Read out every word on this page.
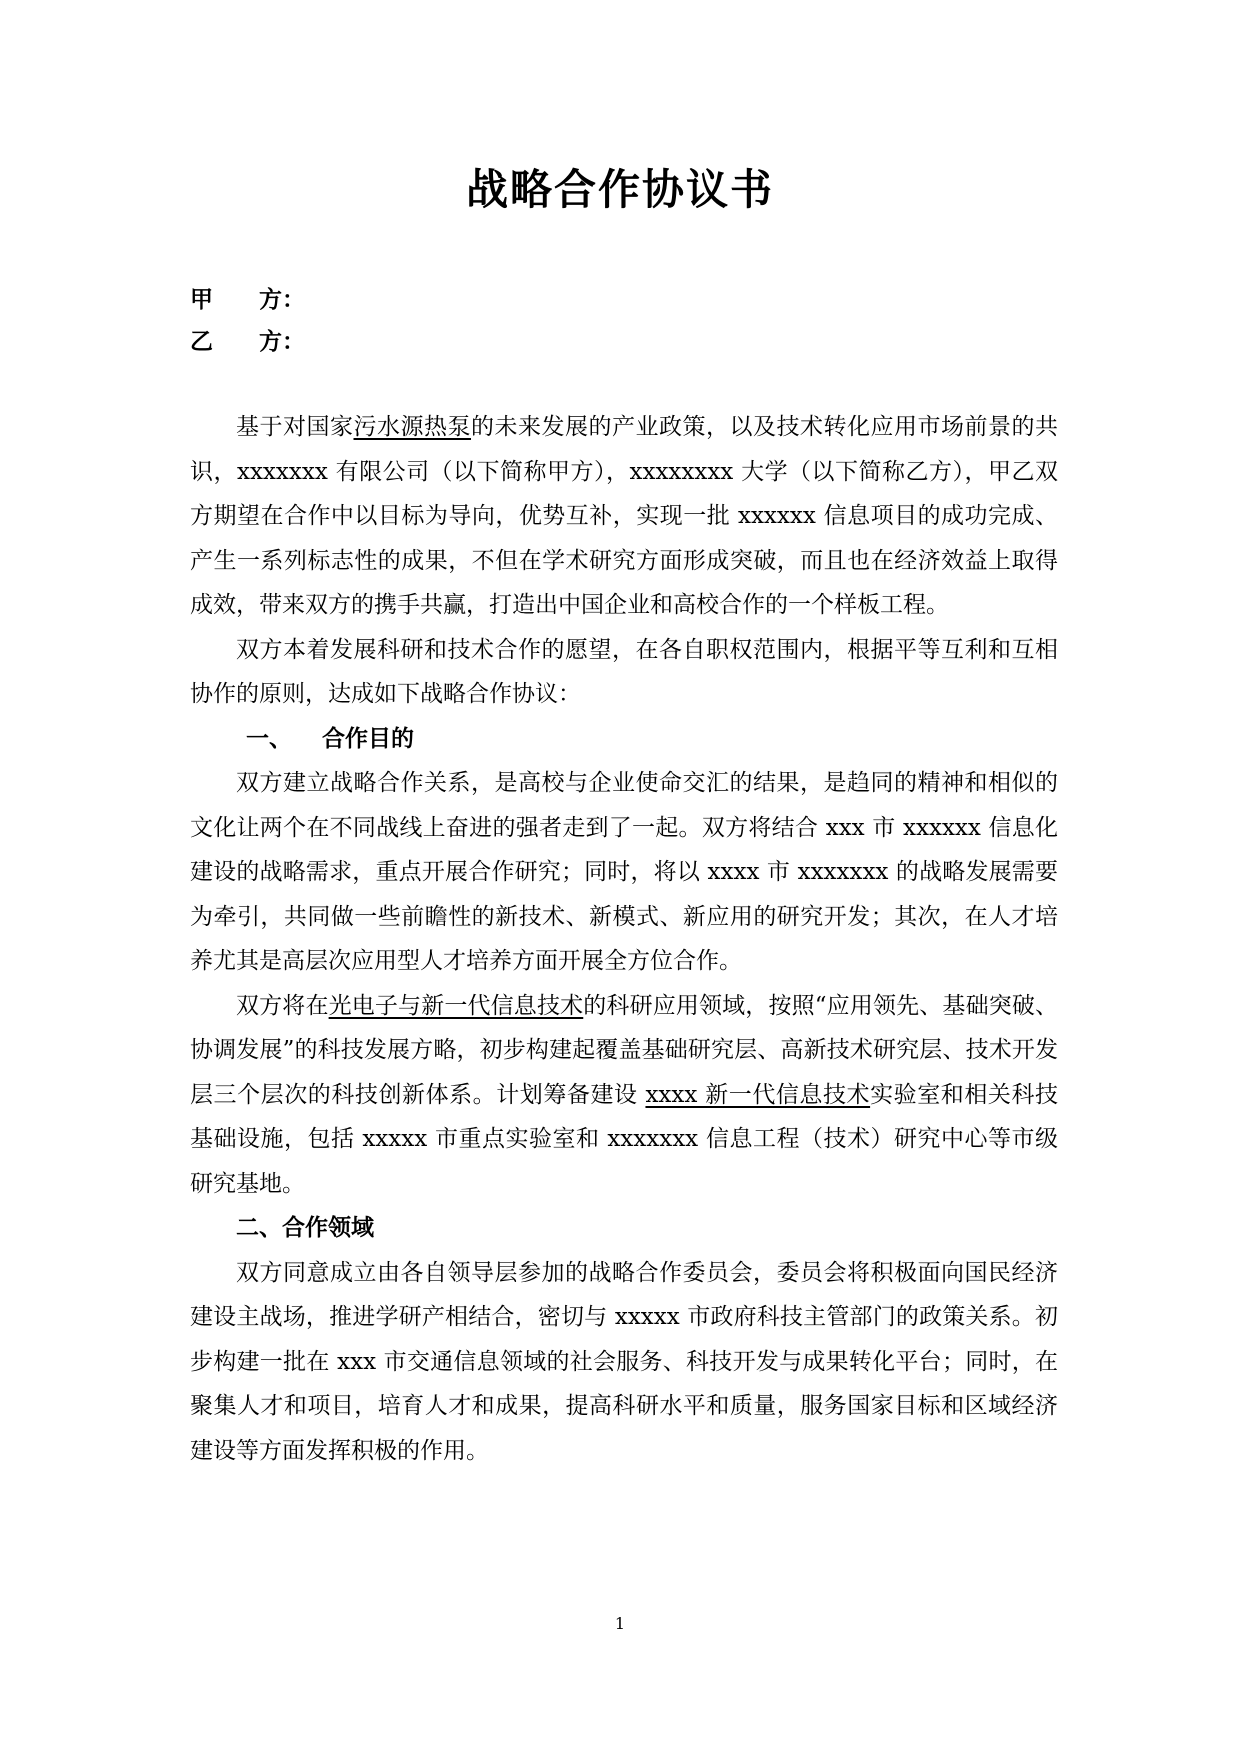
战略合作协议书
甲　　方：
乙　　方：

基于对国家污水源热泵的未来发展的产业政策，以及技术转化应用市场前景的共识，xxxxxxx 有限公司（以下简称甲方），xxxxxxxx 大学（以下简称乙方），甲乙双方期望在合作中以目标为导向，优势互补，实现一批 xxxxxx 信息项目的成功完成、产生一系列标志性的成果，不但在学术研究方面形成突破，而且也在经济效益上取得成效，带来双方的携手共赢，打造出中国企业和高校合作的一个样板工程。

双方本着发展科研和技术合作的愿望，在各自职权范围内，根据平等互利和互相协作的原则，达成如下战略合作协议：

一、 合作目的

双方建立战略合作关系，是高校与企业使命交汇的结果，是趋同的精神和相似的文化让两个在不同战线上奋进的强者走到了一起。双方将结合 xxx 市 xxxxxx 信息化建设的战略需求，重点开展合作研究；同时，将以 xxxx 市 xxxxxxx 的战略发展需要为牵引，共同做一些前瞻性的新技术、新模式、新应用的研究开发；其次，在人才培养尤其是高层次应用型人才培养方面开展全方位合作。

双方将在光电子与新一代信息技术的科研应用领域，按照“应用领先、基础突破、协调发展”的科技发展方略，初步构建起覆盖基础研究层、高新技术研究层、技术开发层三个层次的科技创新体系。计划筹备建设 xxxx 新一代信息技术实验室和相关科技基础设施，包括 xxxxx 市重点实验室和 xxxxxxx 信息工程（技术）研究中心等市级研究基地。

二、合作领域

双方同意成立由各自领导层参加的战略合作委员会，委员会将积极面向国民经济建设主战场，推进学研产相结合，密切与 xxxxx 市政府科技主管部门的政策关系。初步构建一批在 xxx 市交通信息领域的社会服务、科技开发与成果转化平台；同时，在聚集人才和项目，培育人才和成果，提高科研水平和质量，服务国家目标和区域经济建设等方面发挥积极的作用。

1
